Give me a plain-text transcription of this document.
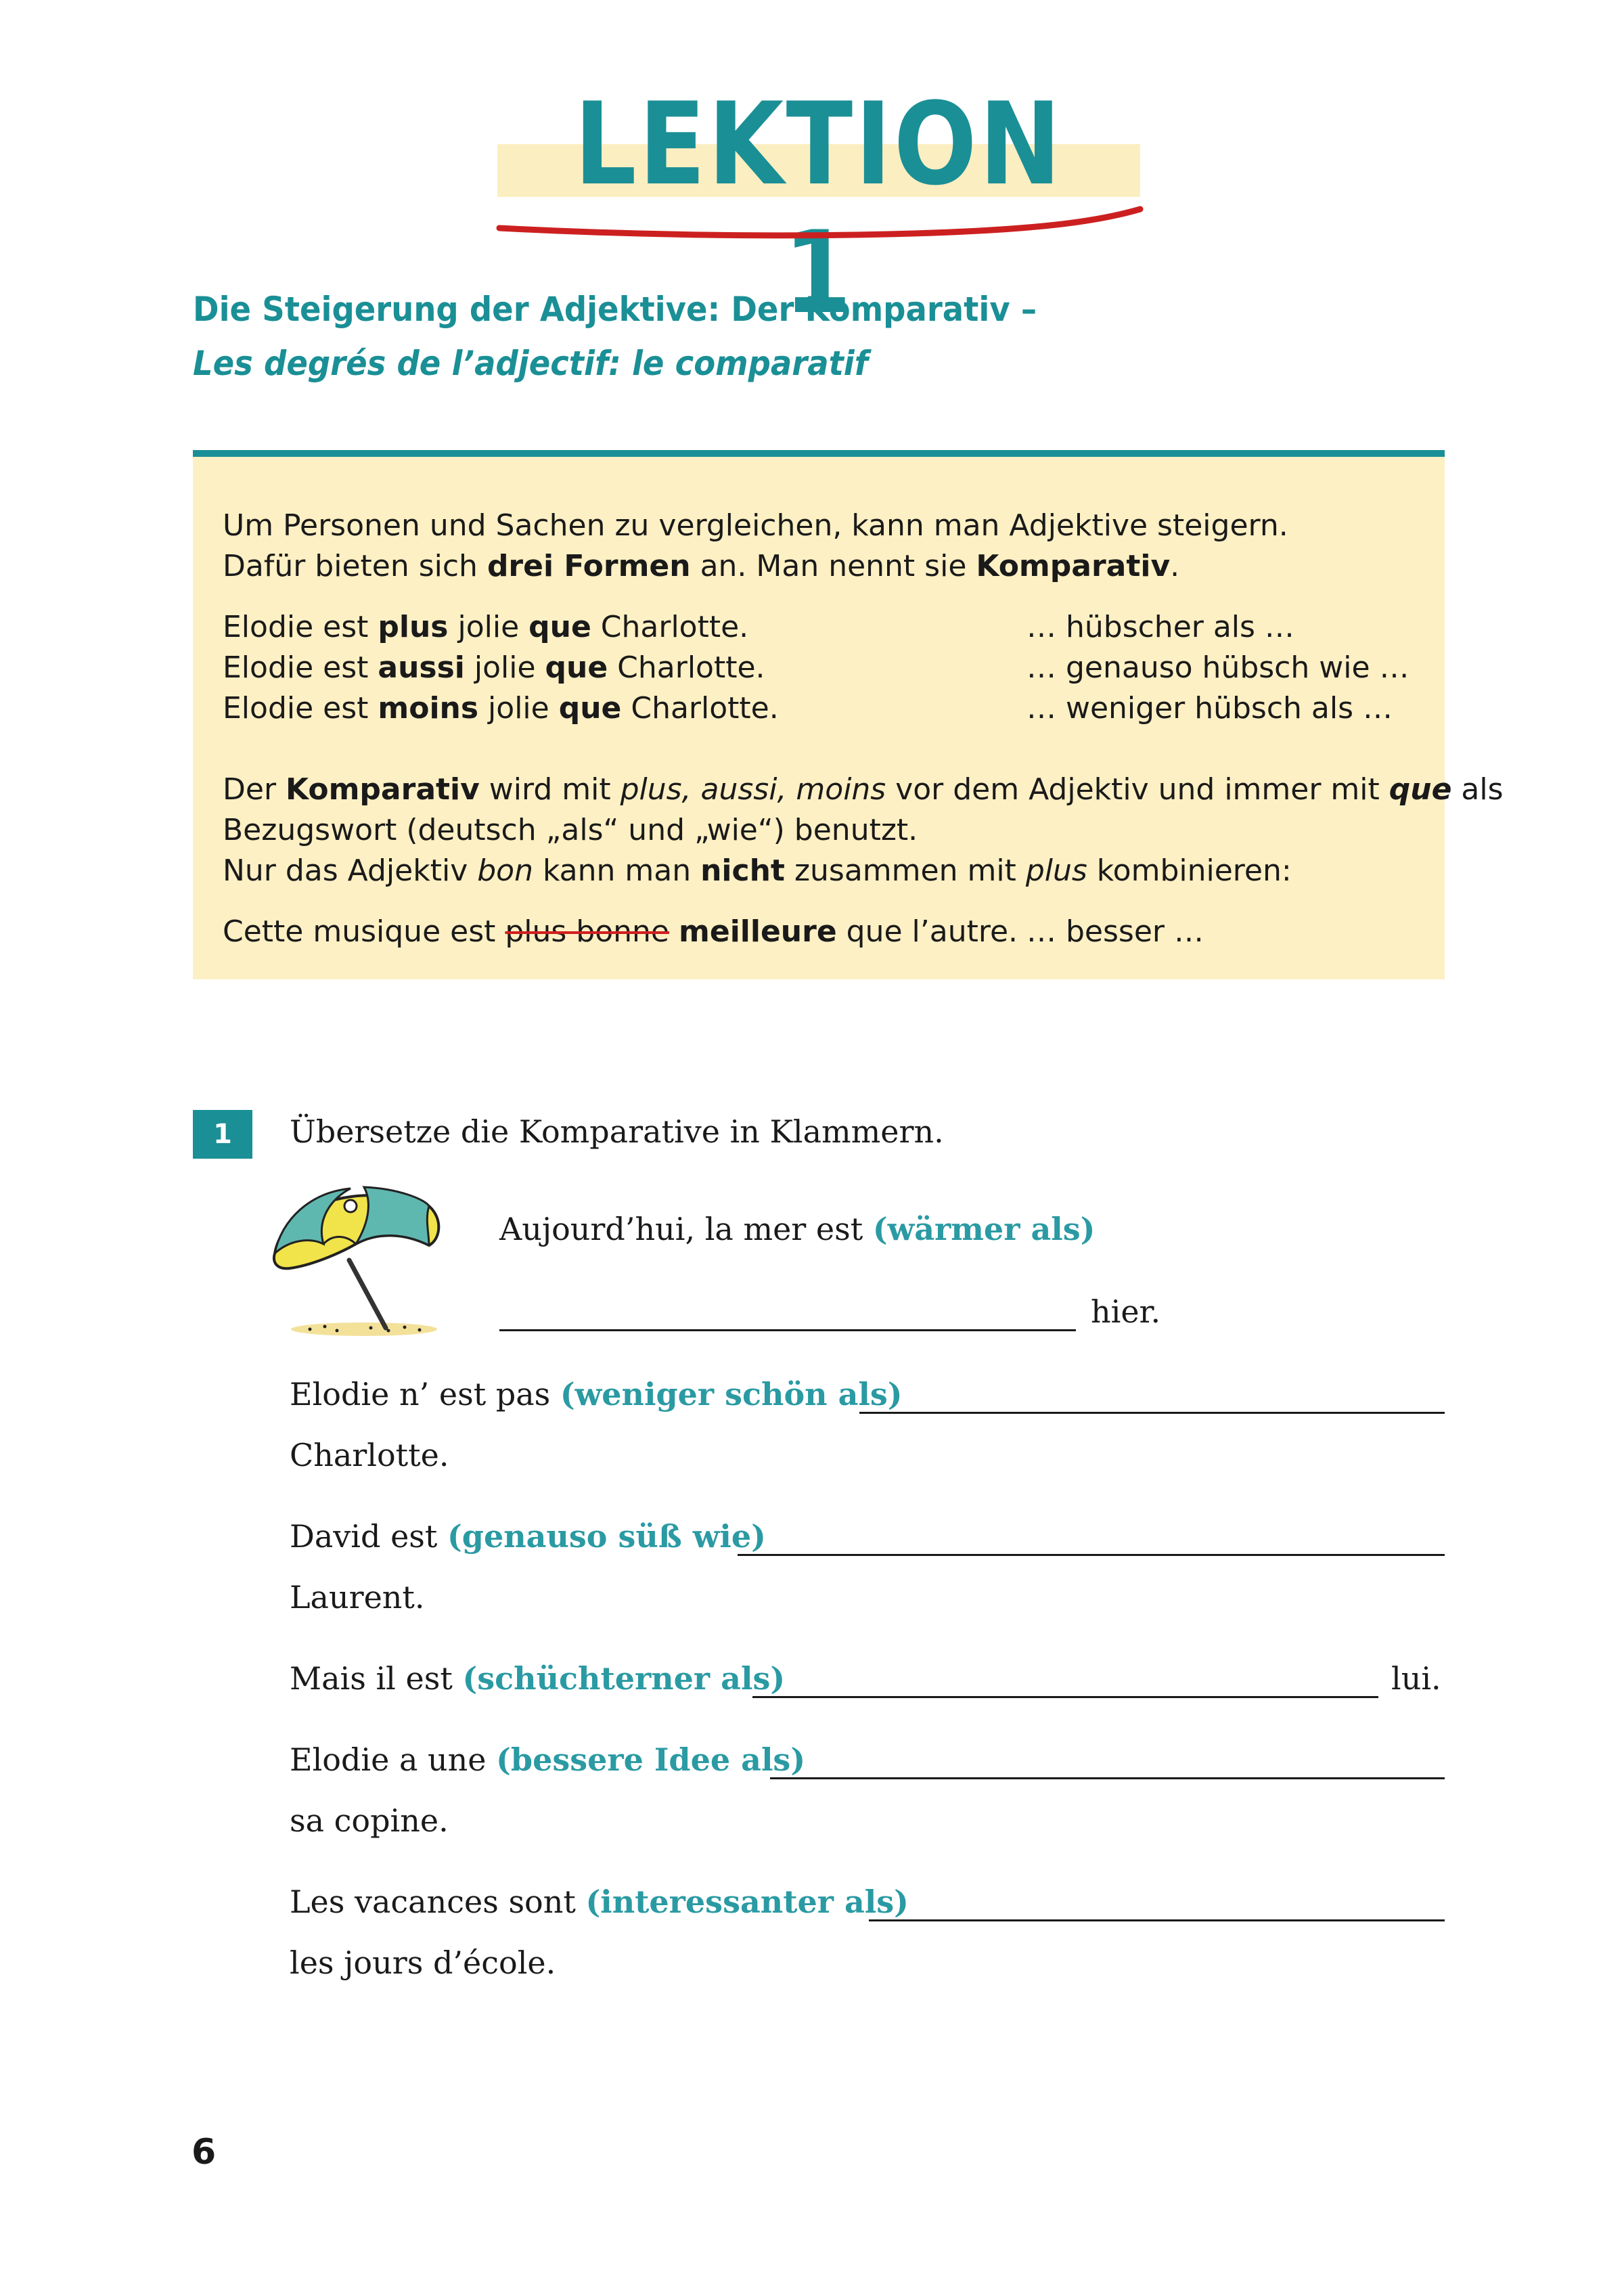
LEKTION 1
Die Steigerung der Adjektive: Der Komparativ –
Les degrés de l’adjectif: le comparatif
Um Personen und Sachen zu vergleichen, kann man Adjektive steigern.
Dafür bieten sich drei Formen an. Man nennt sie Komparativ.
Elodie est plus jolie que Charlotte.	… hübscher als …
Elodie est aussi jolie que Charlotte.	… genauso hübsch wie …
Elodie est moins jolie que Charlotte.	… weniger hübsch als …
Der Komparativ wird mit plus, aussi, moins vor dem Adjektiv und immer mit que als
Bezugswort (deutsch „als“ und „wie“) benutzt.
Nur das Adjektiv bon kann man nicht zusammen mit plus kombinieren:
Cette musique est plus bonne meilleure que l’autre. … besser …
1	Übersetze die Komparative in Klammern.
Aujourd’hui, la mer est (wärmer als)
hier.
Elodie n’ est pas (weniger schön als)
Charlotte.
David est (genauso süß wie)
Laurent.
Mais il est (schüchterner als)	lui.
Elodie a une (bessere Idee als)
sa copine.
Les vacances sont (interessanter als)
les jours d’école.
6
